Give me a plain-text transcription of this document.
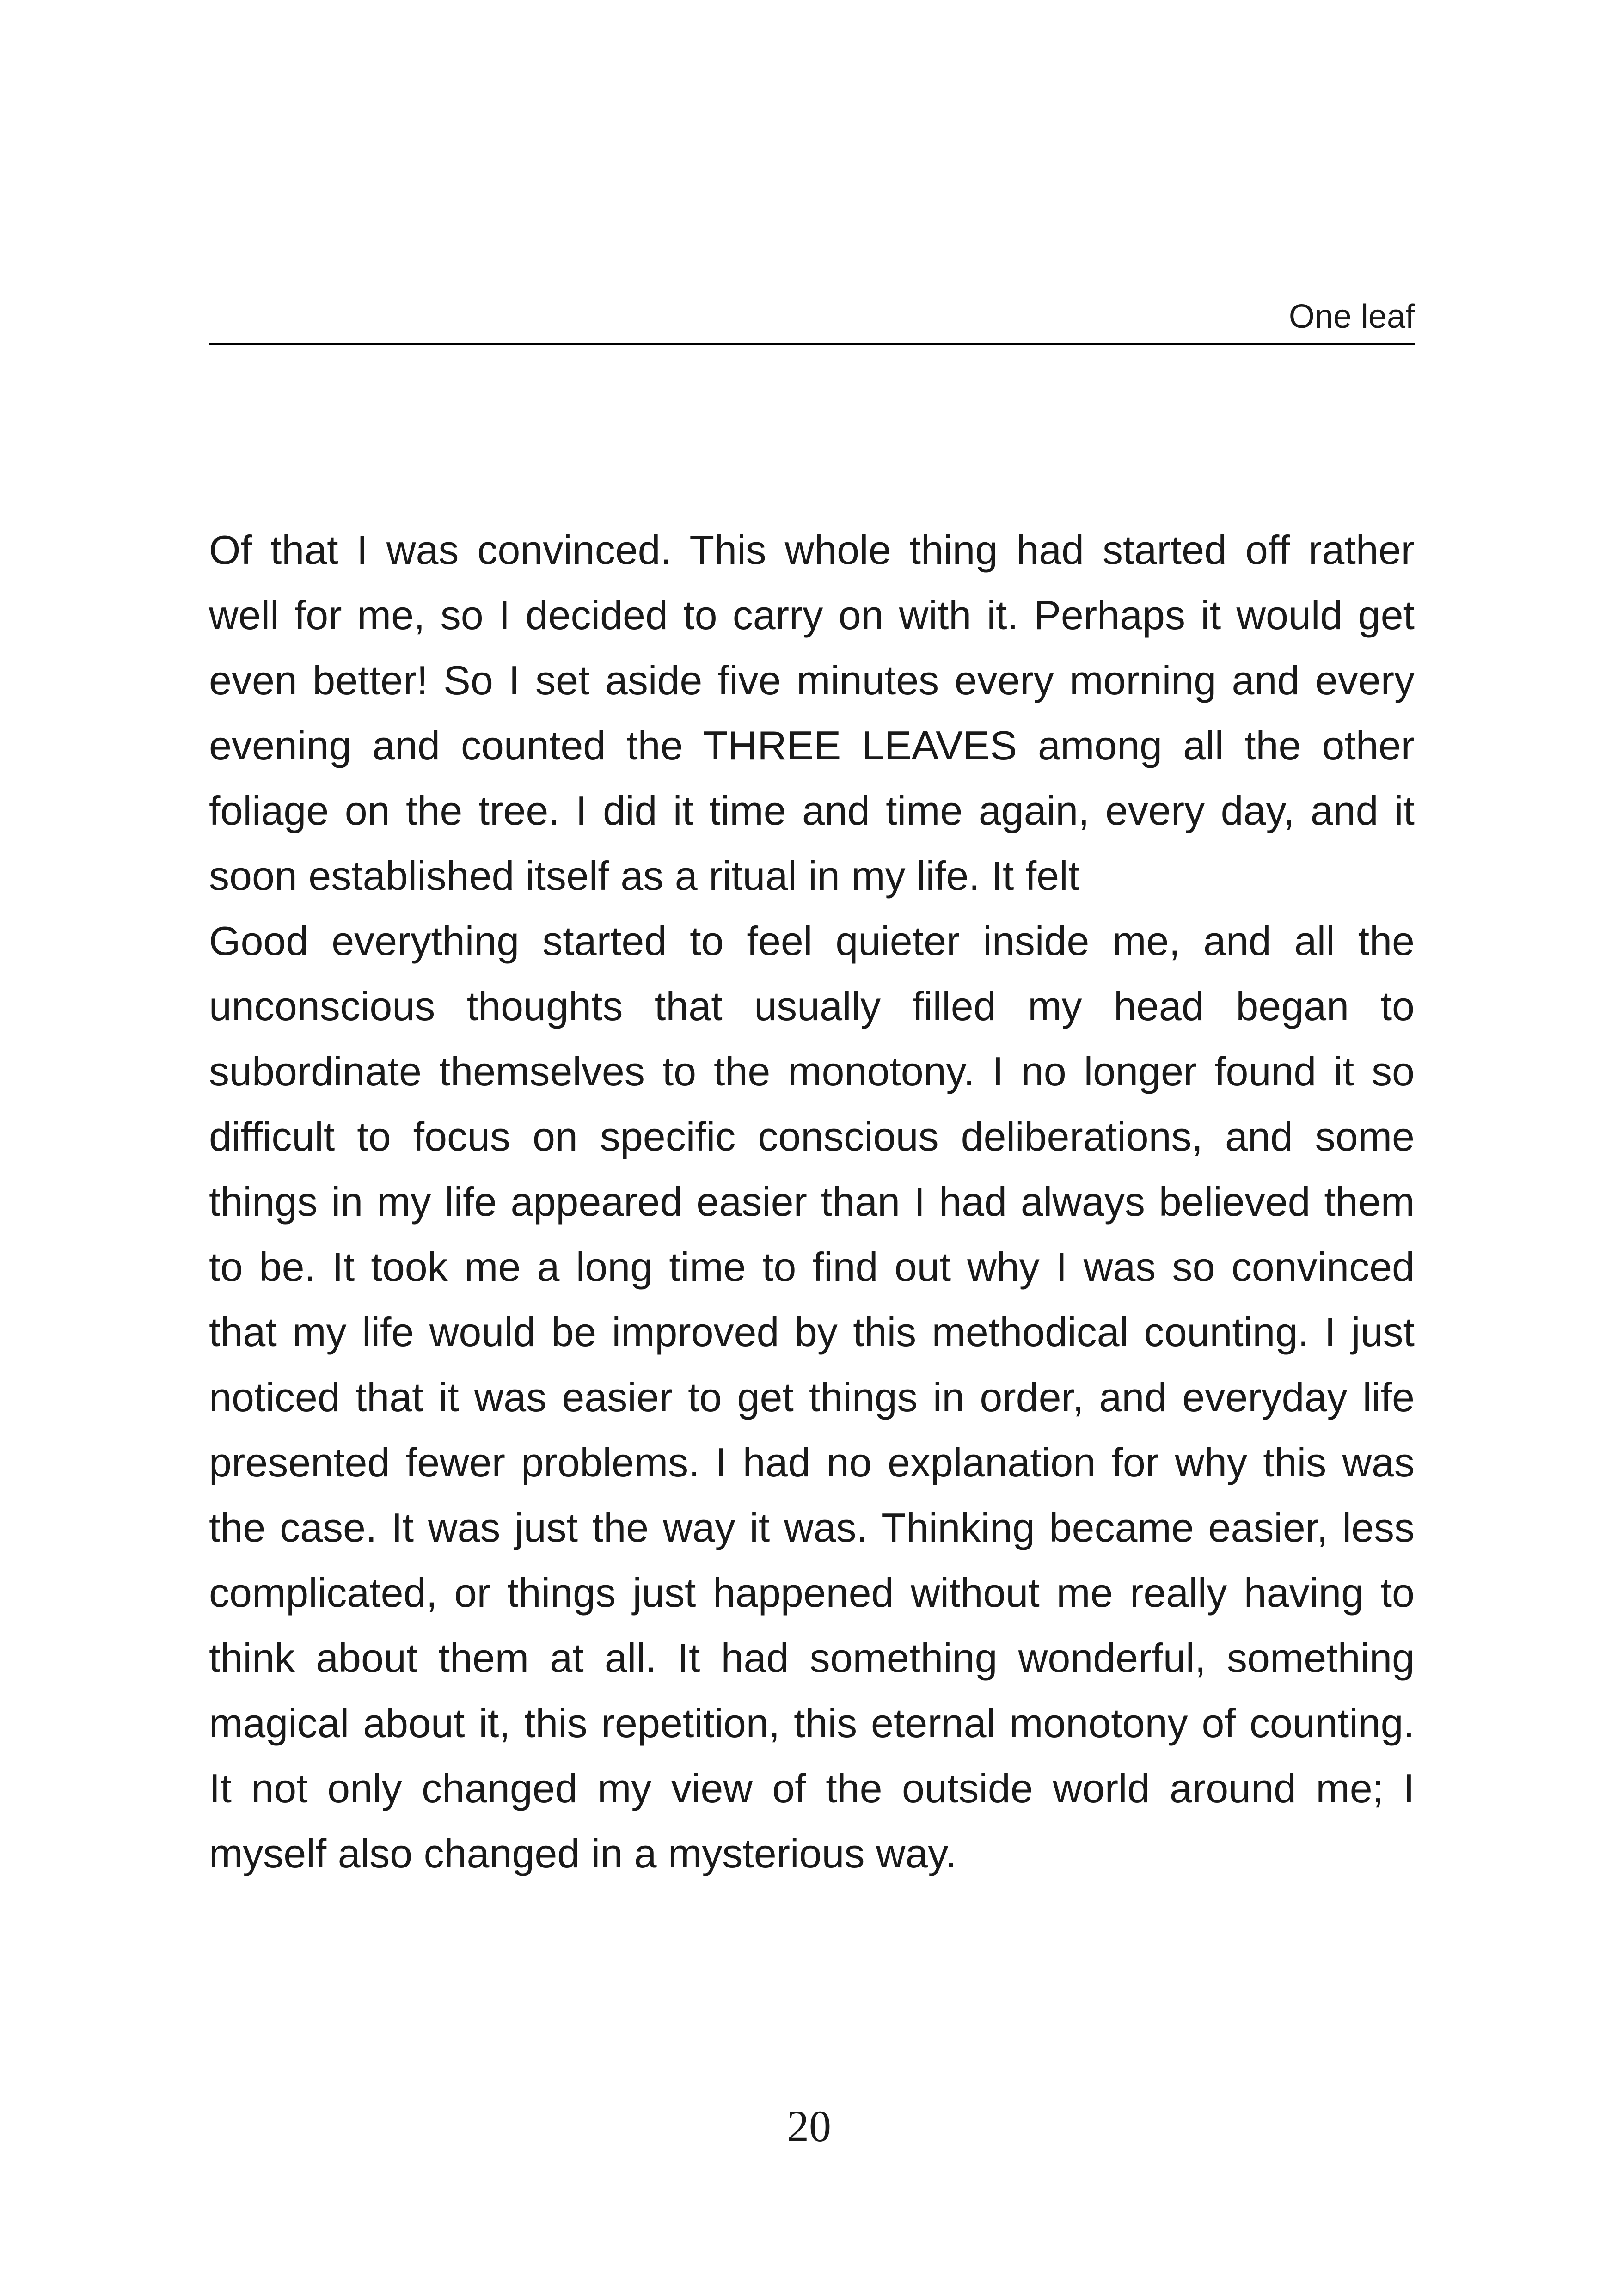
One leaf

Of that I was convinced. This whole thing had started off rather well for me, so I decided to carry on with it. Perhaps it would get even better! So I set aside five minutes every morning and every evening and counted the THREE LEAVES among all the other foliage on the tree. I did it time and time again, every day, and it soon established itself as a ritual in my life. It felt

Good everything started to feel quieter inside me, and all the unconscious thoughts that usually filled my head began to subordinate themselves to the monotony. I no longer found it so difficult to focus on specific conscious deliberations, and some things in my life appeared easier than I had always believed them to be. It took me a long time to find out why I was so convinced that my life would be improved by this methodical counting. I just noticed that it was easier to get things in order, and everyday life presented fewer problems. I had no explanation for why this was the case. It was just the way it was. Thinking became easier, less complicated, or things just happened without me really having to think about them at all. It had something wonderful, something magical about it, this repetition, this eternal monotony of counting. It not only changed my view of the outside world around me; I myself also changed in a mysterious way.

20
